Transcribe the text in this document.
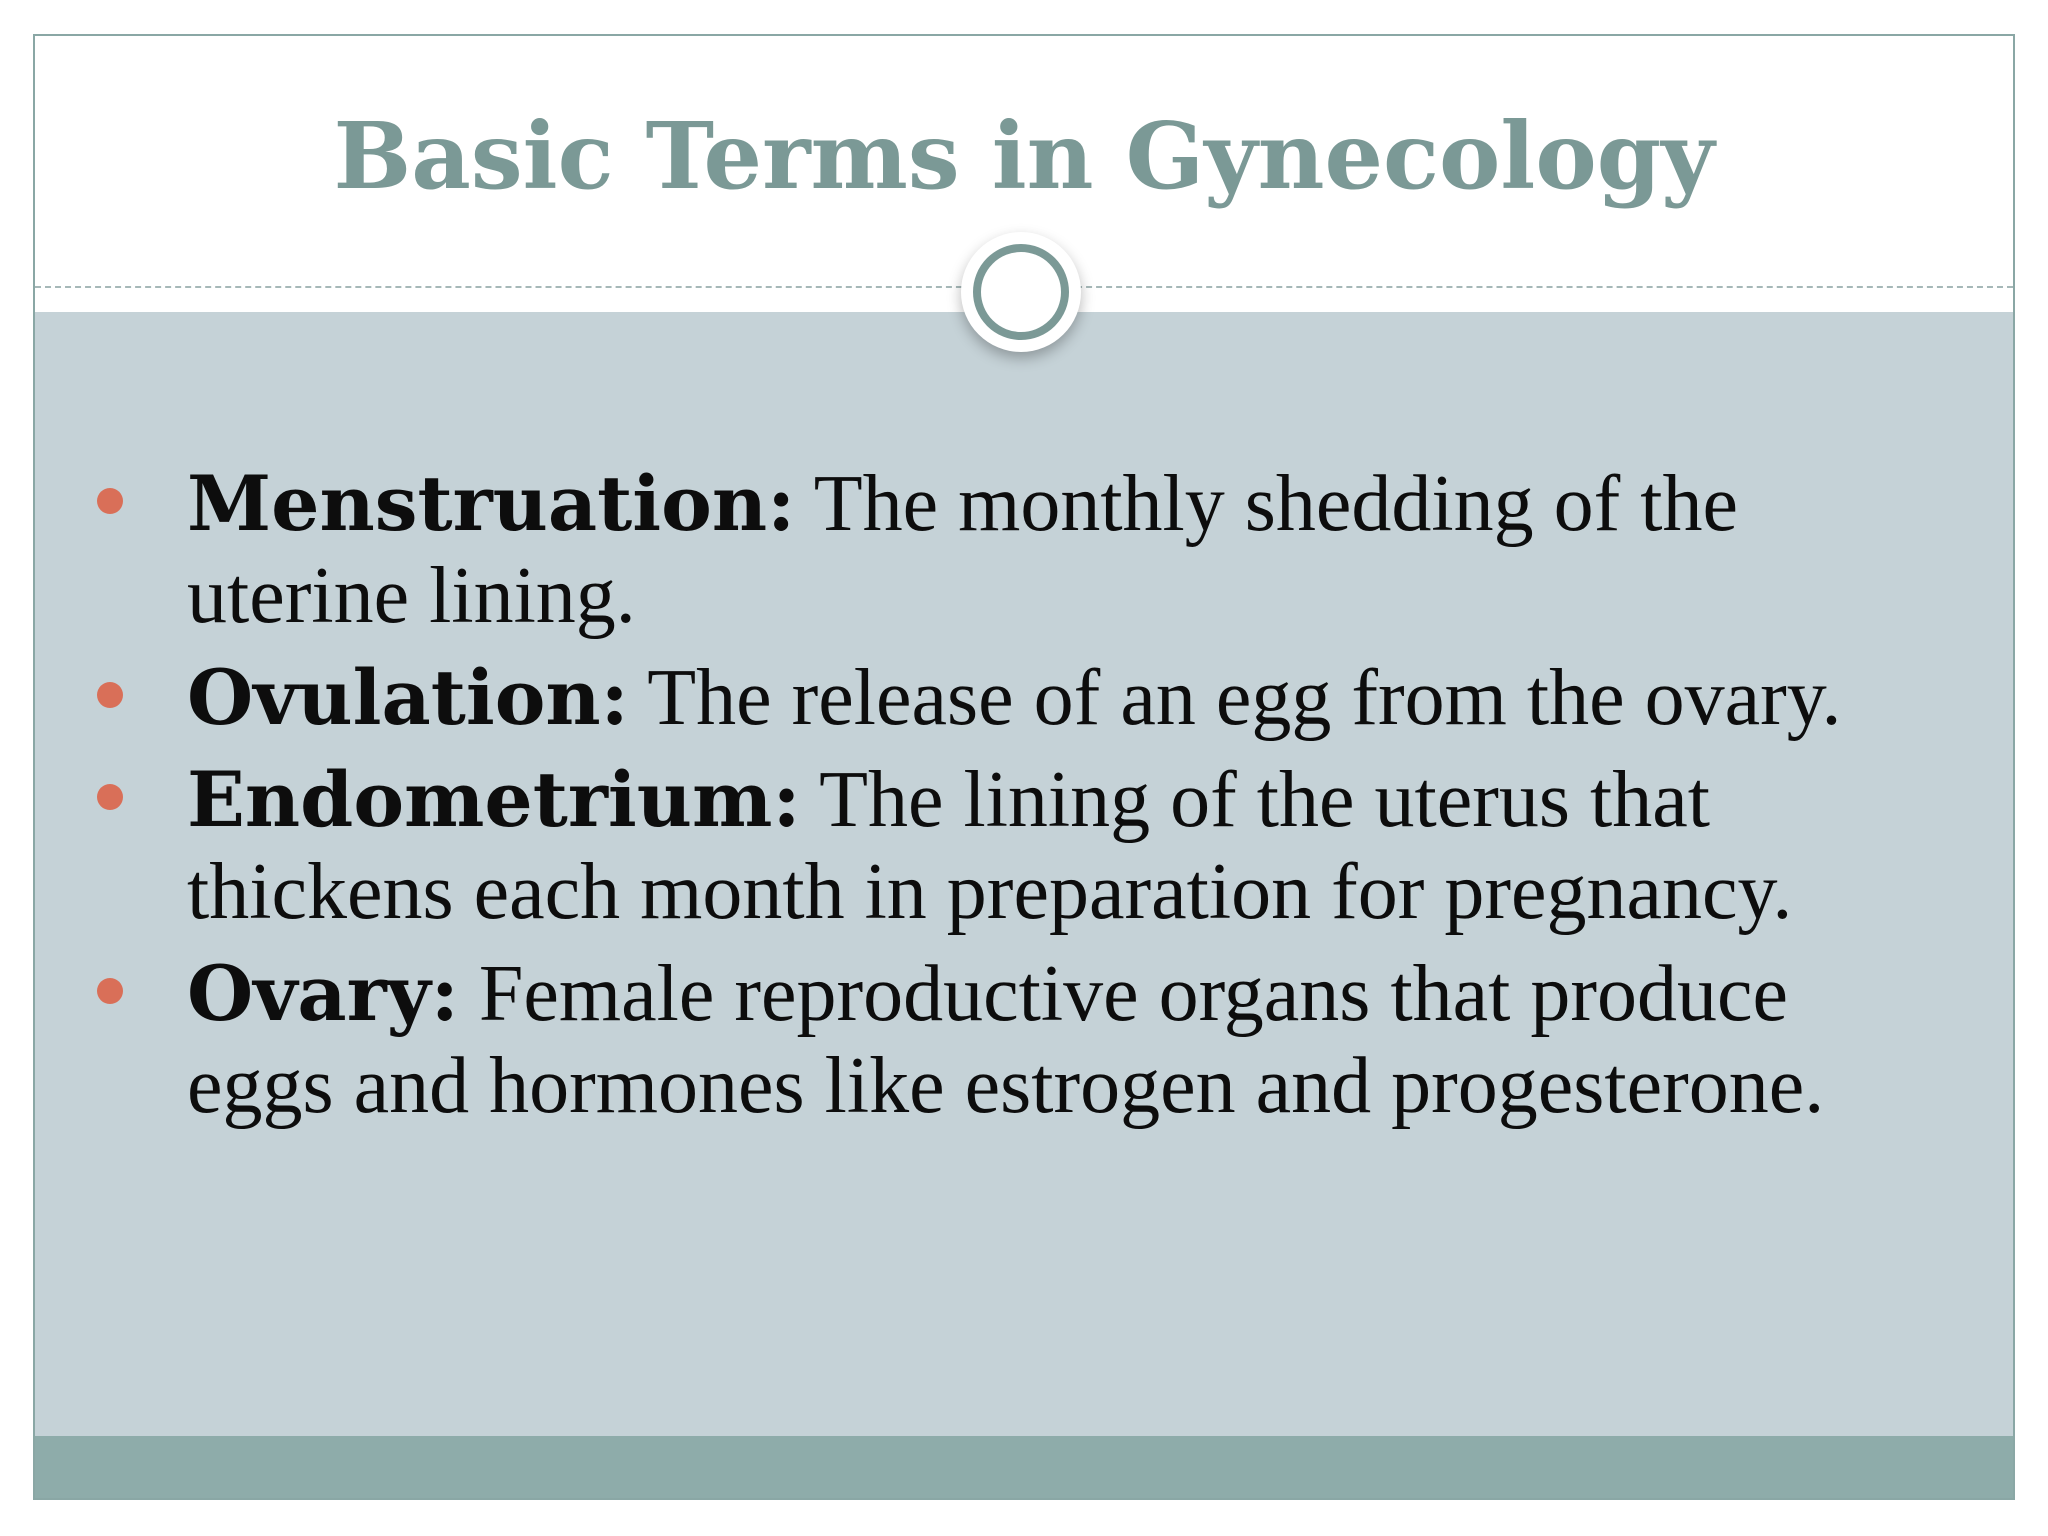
Basic Terms in Gynecology
Menstruation: The monthly shedding of the uterine lining.
Ovulation: The release of an egg from the ovary.
Endometrium: The lining of the uterus that thickens each month in preparation for pregnancy.
Ovary: Female reproductive organs that produce eggs and hormones like estrogen and progesterone.
